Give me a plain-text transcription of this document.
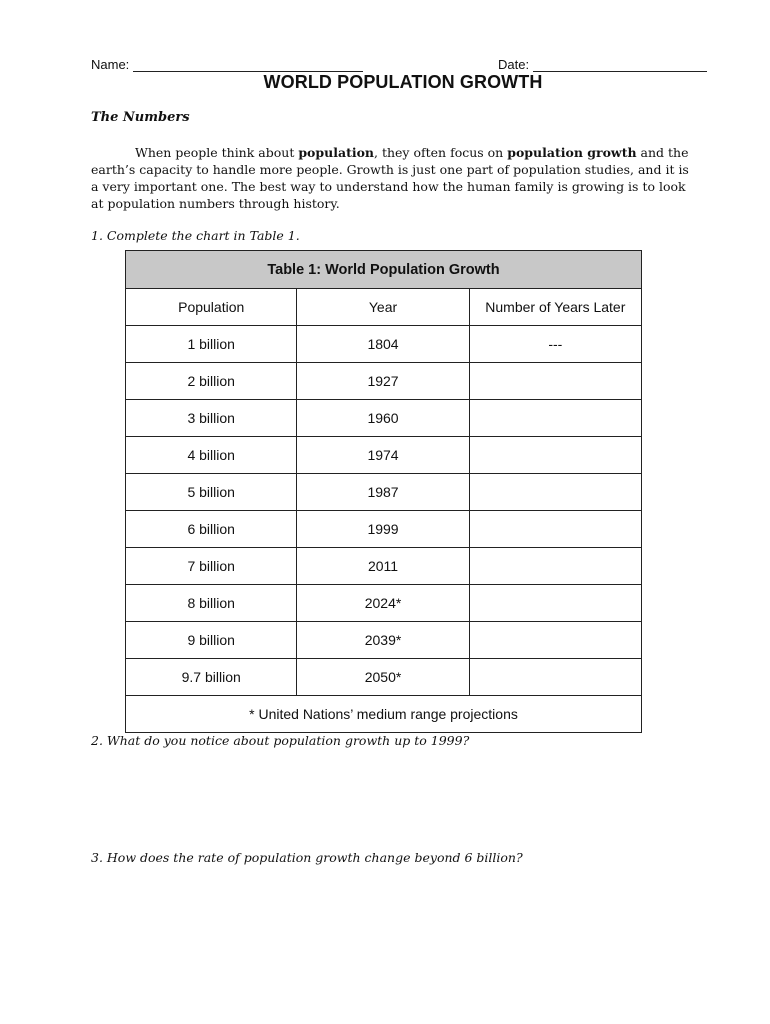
Name:	Date:
WORLD POPULATION GROWTH
The Numbers

When people think about population, they often focus on population growth and the earth’s capacity to handle more people. Growth is just one part of population studies, and it is a very important one. The best way to understand how the human family is growing is to look at population numbers through history.

1. Complete the chart in Table 1.

Table 1: World Population Growth		
Population	Year	Number of Years Later
1 billion	1804	---
2 billion	1927	
3 billion	1960	
4 billion	1974	
5 billion	1987	
6 billion	1999	
7 billion	2011	
8 billion	2024*	
9 billion	2039*	
9.7 billion	2050*	
* United Nations’ medium range projections		

2. What do you notice about population growth up to 1999?

3. How does the rate of population growth change beyond 6 billion?
